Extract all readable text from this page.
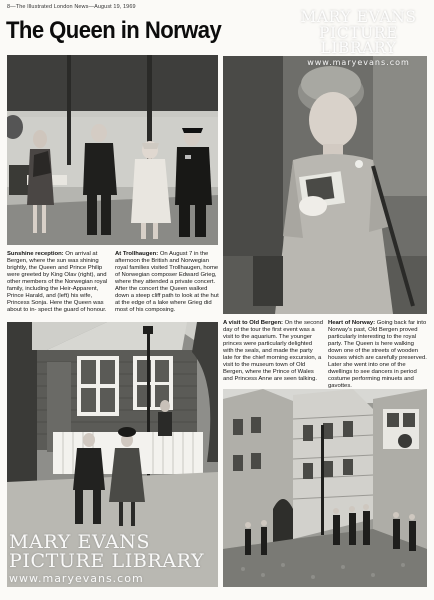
8—The Illustrated London News—August 19, 1969
The Queen in Norway
Sunshine reception: On arrival at Bergen, where the sun was shining brightly, the Queen and Prince Philip were greeted by King Olav (right), and other members of the Norwegian royal family, including the Heir-Apparent, Prince Harald, and (left) his wife, Princess Sonja. Here the Queen was about to in- spect the guard of honour.
At Trollhaugen: On August 7 in the afternoon the British and Norwegian royal families visited Trollhaugen, home of Norwegian composer Edward Grieg, where they attended a private concert. After the concert the Queen walked down a steep cliff path to look at the hut at the edge of a lake where Grieg did most of his composing.
A visit to Old Bergen: On the second day of the tour the first event was a visit to the aquarium. The younger princes were particularly delighted with the seals, and made the party late for the chief morning excursion, a visit to the museum town of Old Bergen, where the Prince of Wales and Princess Anne are seen talking.
Heart of Norway: Going back far into Norway's past, Old Bergen proved particularly interesting to the royal party. The Queen is here walking down one of the streets of wooden houses which are carefully preserved. Later she went into one of the dwellings to see dancers in period costume performing minuets and gavottes.
MARY EVANS
PICTURE LIBRARY
www.maryevans.com
MARY EVANS
PICTURE LIBRARY
www.maryevans.com
